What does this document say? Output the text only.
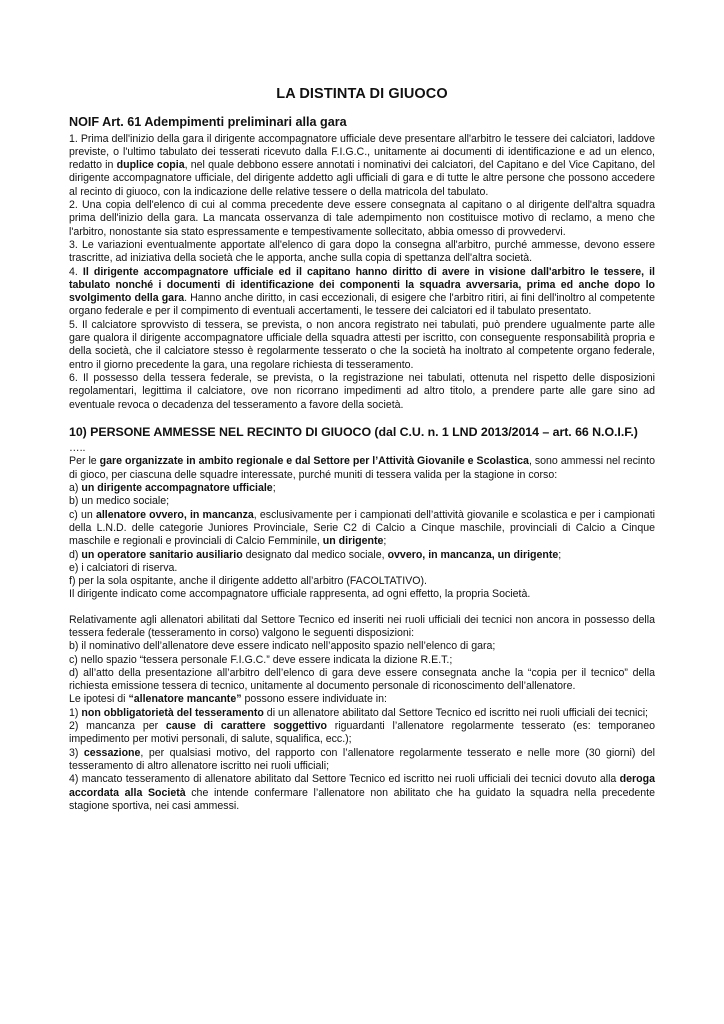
LA DISTINTA DI GIUOCO
NOIF Art. 61 Adempimenti preliminari alla gara

1. Prima dell'inizio della gara il dirigente accompagnatore ufficiale deve presentare all'arbitro le tessere dei calciatori, laddove previste, o l'ultimo tabulato dei tesserati ricevuto dalla F.I.G.C., unitamente ai documenti di identificazione e ad un elenco, redatto in duplice copia, nel quale debbono essere annotati i nominativi dei calciatori, del Capitano e del Vice Capitano, del dirigente accompagnatore ufficiale, del dirigente addetto agli ufficiali di gara e di tutte le altre persone che possono accedere al recinto di giuoco, con la indicazione delle relative tessere o della matricola del tabulato.

2. Una copia dell'elenco di cui al comma precedente deve essere consegnata al capitano o al dirigente dell'altra squadra prima dell'inizio della gara. La mancata osservanza di tale adempimento non costituisce motivo di reclamo, a meno che l'arbitro, nonostante sia stato espressamente e tempestivamente sollecitato, abbia omesso di provvedervi.

3. Le variazioni eventualmente apportate all'elenco di gara dopo la consegna all'arbitro, purché ammesse, devono essere trascritte, ad iniziativa della società che le apporta, anche sulla copia di spettanza dell'altra società.

4. Il dirigente accompagnatore ufficiale ed il capitano hanno diritto di avere in visione dall'arbitro le tessere, il tabulato nonché i documenti di identificazione dei componenti la squadra avversaria, prima ed anche dopo lo svolgimento della gara. Hanno anche diritto, in casi eccezionali, di esigere che l'arbitro ritiri, ai fini dell'inoltro al competente organo federale e per il compimento di eventuali accertamenti, le tessere dei calciatori ed il tabulato presentato.

5. Il calciatore sprovvisto di tessera, se prevista, o non ancora registrato nei tabulati, può prendere ugualmente parte alle gare qualora il dirigente accompagnatore ufficiale della squadra attesti per iscritto, con conseguente responsabilità propria e della società, che il calciatore stesso è regolarmente tesserato o che la società ha inoltrato al competente organo federale, entro il giorno precedente la gara, una regolare richiesta di tesseramento.

6. Il possesso della tessera federale, se prevista, o la registrazione nei tabulati, ottenuta nel rispetto delle disposizioni regolamentari, legittima il calciatore, ove non ricorrano impedimenti ad altro titolo, a prendere parte alle gare sino ad eventuale revoca o decadenza del tesseramento a favore della società.

10) PERSONE AMMESSE NEL RECINTO DI GIUOCO (dal C.U. n. 1 LND 2013/2014 – art. 66 N.O.I.F.)

…..

Per le gare organizzate in ambito regionale e dal Settore per l’Attività Giovanile e Scolastica, sono ammessi nel recinto di gioco, per ciascuna delle squadre interessate, purché muniti di tessera valida per la stagione in corso:

a) un dirigente accompagnatore ufficiale;

b) un medico sociale;

c) un allenatore ovvero, in mancanza, esclusivamente per i campionati dell’attività giovanile e scolastica e per i campionati della L.N.D. delle categorie Juniores Provinciale, Serie C2 di Calcio a Cinque maschile, provinciali di Calcio a Cinque maschile e regionali e provinciali di Calcio Femminile, un dirigente;

d) un operatore sanitario ausiliario designato dal medico sociale, ovvero, in mancanza, un dirigente;

e) i calciatori di riserva.

f) per la sola ospitante, anche il dirigente addetto all’arbitro (FACOLTATIVO).

Il dirigente indicato come accompagnatore ufficiale rappresenta, ad ogni effetto, la propria Società.

Relativamente agli allenatori abilitati dal Settore Tecnico ed inseriti nei ruoli ufficiali dei tecnici non ancora in possesso della tessera federale (tesseramento in corso) valgono le seguenti disposizioni:

b) il nominativo dell’allenatore deve essere indicato nell’apposito spazio nell’elenco di gara;

c) nello spazio “tessera personale F.I.G.C.” deve essere indicata la dizione R.E.T.;

d) all’atto della presentazione all’arbitro dell’elenco di gara deve essere consegnata anche la “copia per il tecnico” della richiesta emissione tessera di tecnico, unitamente al documento personale di riconoscimento dell’allenatore.

Le ipotesi di “allenatore mancante” possono essere individuate in:

1) non obbligatorietà del tesseramento di un allenatore abilitato dal Settore Tecnico ed iscritto nei ruoli ufficiali dei tecnici;

2) mancanza per cause di carattere soggettivo riguardanti l’allenatore regolarmente tesserato (es: temporaneo impedimento per motivi personali, di salute, squalifica, ecc.);

3) cessazione, per qualsiasi motivo, del rapporto con l’allenatore regolarmente tesserato e nelle more (30 giorni) del tesseramento di altro allenatore iscritto nei ruoli ufficiali;

4) mancato tesseramento di allenatore abilitato dal Settore Tecnico ed iscritto nei ruoli ufficiali dei tecnici dovuto alla deroga accordata alla Società che intende confermare l’allenatore non abilitato che ha guidato la squadra nella precedente stagione sportiva, nei casi ammessi.
